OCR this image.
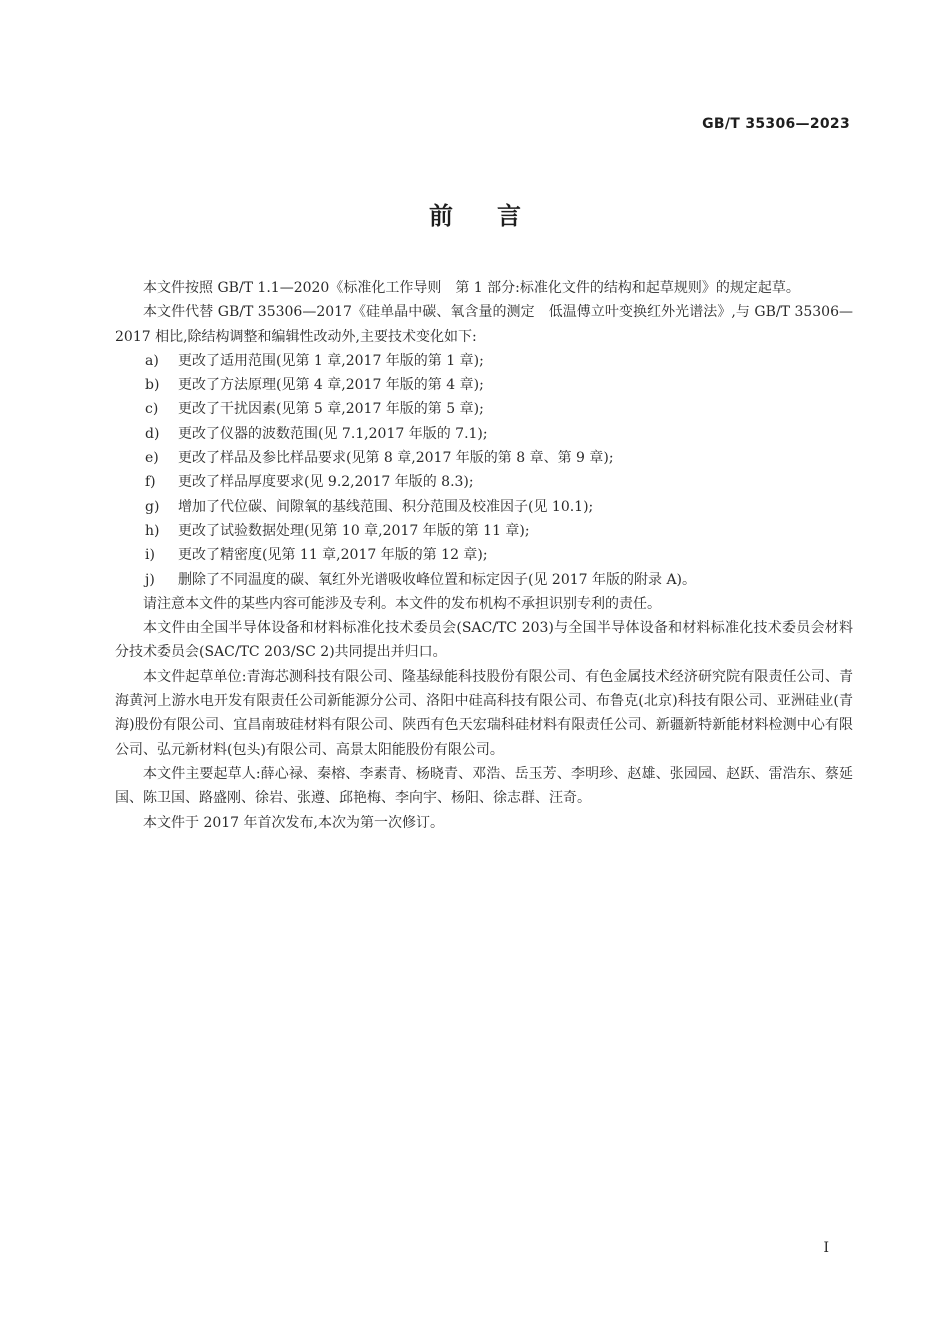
GB/T 35306—2023
前言

本文件按照 GB/T 1.1—2020《标准化工作导则　第 1 部分:标准化文件的结构和起草规则》的规定起草。

本文件代替 GB/T 35306—2017《硅单晶中碳、氧含量的测定　低温傅立叶变换红外光谱法》,与 GB/T 35306—2017 相比,除结构调整和编辑性改动外,主要技术变化如下:

a)	更改了适用范围(见第 1 章,2017 年版的第 1 章);
b)	更改了方法原理(见第 4 章,2017 年版的第 4 章);
c)	更改了干扰因素(见第 5 章,2017 年版的第 5 章);
d)	更改了仪器的波数范围(见 7.1,2017 年版的 7.1);
e)	更改了样品及参比样品要求(见第 8 章,2017 年版的第 8 章、第 9 章);
f)	更改了样品厚度要求(见 9.2,2017 年版的 8.3);
g)	增加了代位碳、间隙氧的基线范围、积分范围及校准因子(见 10.1);
h)	更改了试验数据处理(见第 10 章,2017 年版的第 11 章);
i)	更改了精密度(见第 11 章,2017 年版的第 12 章);
j)	删除了不同温度的碳、氧红外光谱吸收峰位置和标定因子(见 2017 年版的附录 A)。

请注意本文件的某些内容可能涉及专利。本文件的发布机构不承担识别专利的责任。

本文件由全国半导体设备和材料标准化技术委员会(SAC/TC 203)与全国半导体设备和材料标准化技术委员会材料分技术委员会(SAC/TC 203/SC 2)共同提出并归口。

本文件起草单位:青海芯测科技有限公司、隆基绿能科技股份有限公司、有色金属技术经济研究院有限责任公司、青海黄河上游水电开发有限责任公司新能源分公司、洛阳中硅高科技有限公司、布鲁克(北京)科技有限公司、亚洲硅业(青海)股份有限公司、宜昌南玻硅材料有限公司、陕西有色天宏瑞科硅材料有限责任公司、新疆新特新能材料检测中心有限公司、弘元新材料(包头)有限公司、高景太阳能股份有限公司。

本文件主要起草人:薛心禄、秦榕、李素青、杨晓青、邓浩、岳玉芳、李明珍、赵雄、张园园、赵跃、雷浩东、蔡延国、陈卫国、路盛刚、徐岩、张遵、邱艳梅、李向宇、杨阳、徐志群、汪奇。

本文件于 2017 年首次发布,本次为第一次修订。

I
